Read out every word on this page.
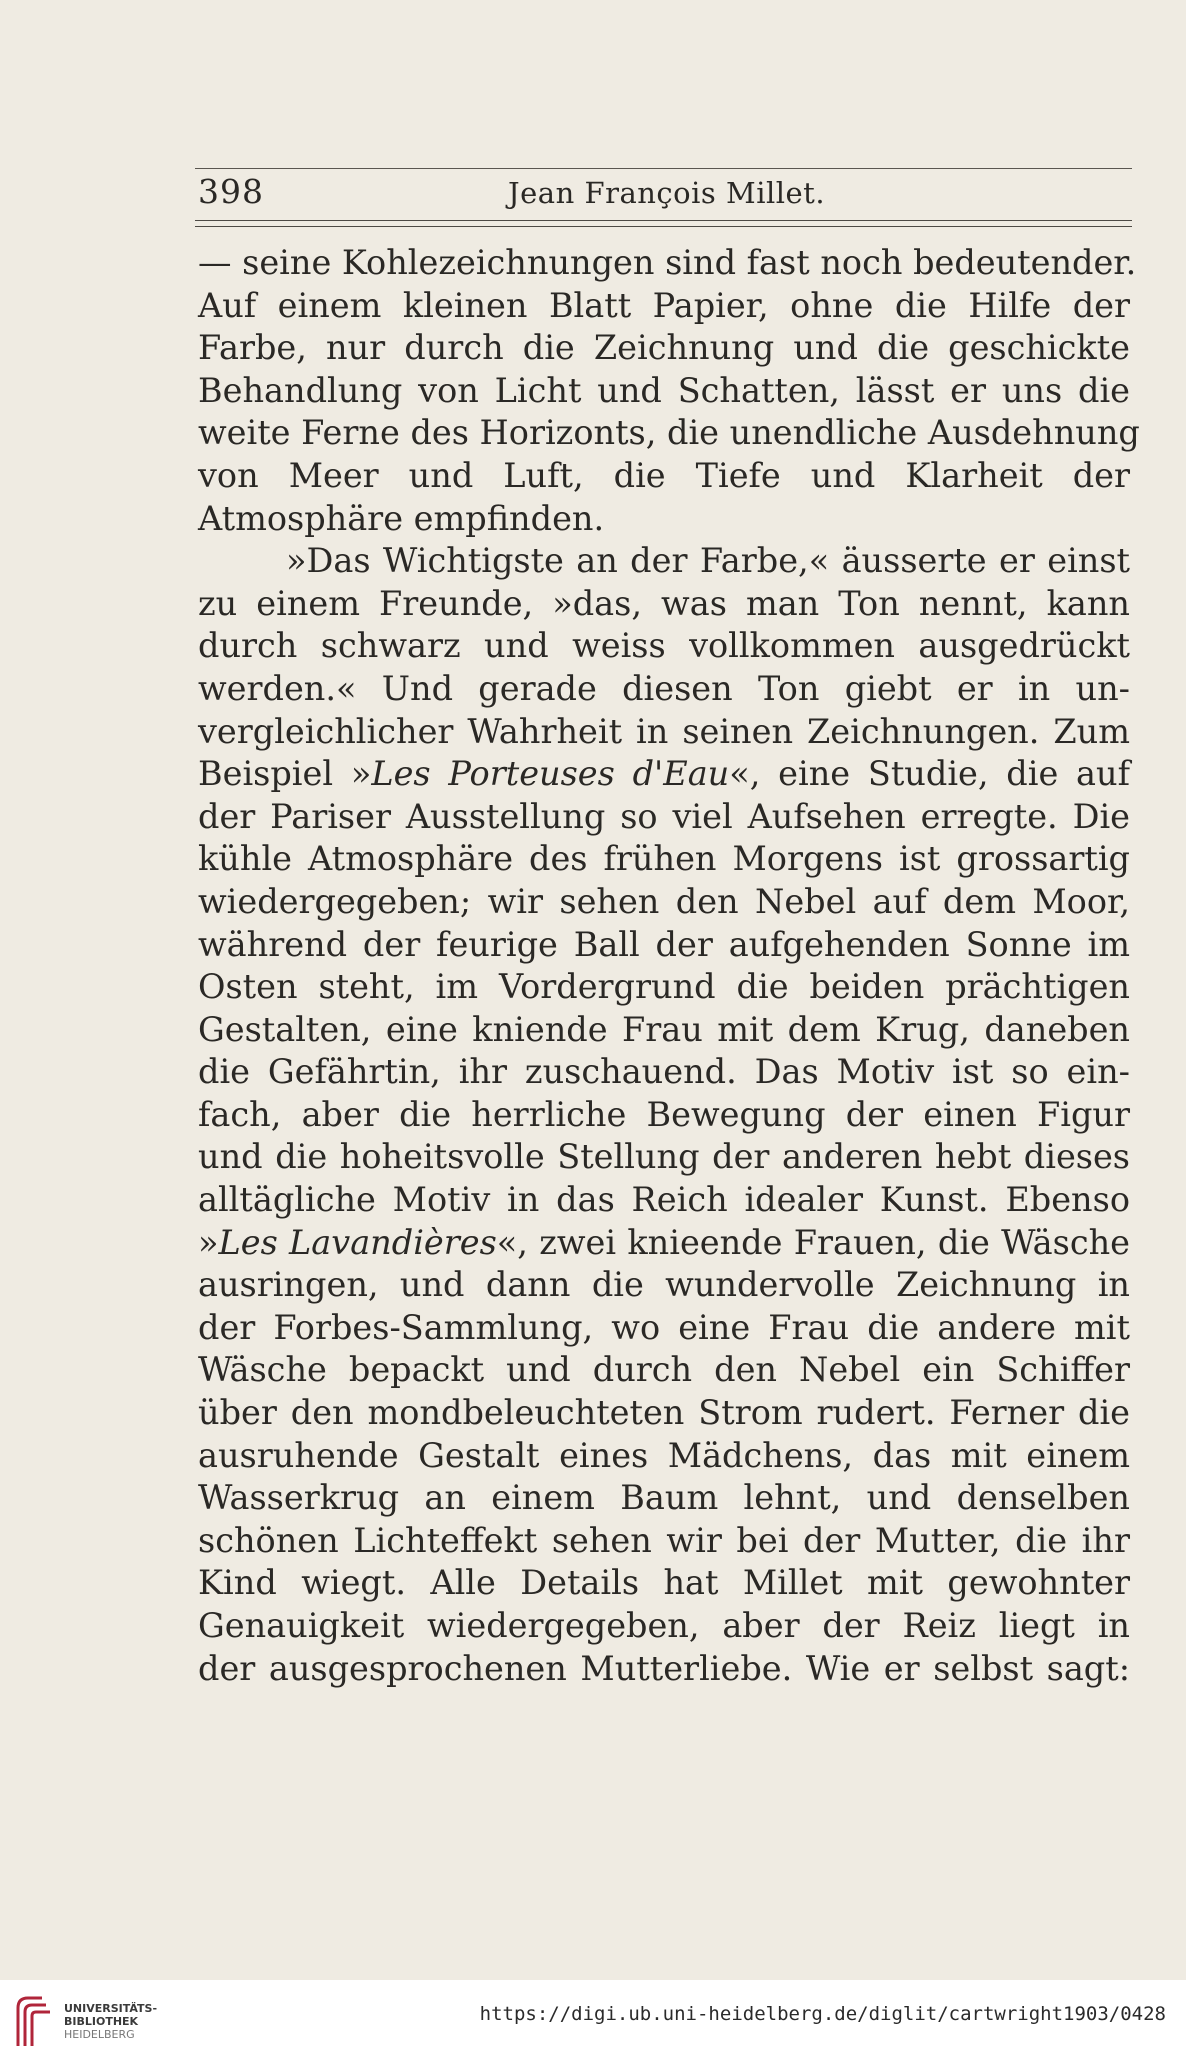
398	Jean François Millet.
— seine Kohlezeichnungen sind fast noch bedeutender.
Auf einem kleinen Blatt Papier, ohne die Hilfe der
Farbe, nur durch die Zeichnung und die geschickte
Behandlung von Licht und Schatten, lässt er uns die
weite Ferne des Horizonts, die unendliche Ausdehnung
von Meer und Luft, die Tiefe und Klarheit der
Atmosphäre empfinden.
»Das Wichtigste an der Farbe,« äusserte er einst
zu einem Freunde, »das, was man Ton nennt, kann
durch schwarz und weiss vollkommen ausgedrückt
werden.« Und gerade diesen Ton giebt er in un-
vergleichlicher Wahrheit in seinen Zeichnungen. Zum
Beispiel »Les Porteuses d'Eau«, eine Studie, die auf
der Pariser Ausstellung so viel Aufsehen erregte. Die
kühle Atmosphäre des frühen Morgens ist grossartig
wiedergegeben; wir sehen den Nebel auf dem Moor,
während der feurige Ball der aufgehenden Sonne im
Osten steht, im Vordergrund die beiden prächtigen
Gestalten, eine kniende Frau mit dem Krug, daneben
die Gefährtin, ihr zuschauend. Das Motiv ist so ein-
fach, aber die herrliche Bewegung der einen Figur
und die hoheitsvolle Stellung der anderen hebt dieses
alltägliche Motiv in das Reich idealer Kunst. Ebenso
»Les Lavandières«, zwei knieende Frauen, die Wäsche
ausringen, und dann die wundervolle Zeichnung in
der Forbes-Sammlung, wo eine Frau die andere mit
Wäsche bepackt und durch den Nebel ein Schiffer
über den mondbeleuchteten Strom rudert. Ferner die
ausruhende Gestalt eines Mädchens, das mit einem
Wasserkrug an einem Baum lehnt, und denselben
schönen Lichteffekt sehen wir bei der Mutter, die ihr
Kind wiegt. Alle Details hat Millet mit gewohnter
Genauigkeit wiedergegeben, aber der Reiz liegt in
der ausgesprochenen Mutterliebe. Wie er selbst sagt:
UNIVERSITÄTS-
BIBLIOTHEK
HEIDELBERG
https://digi.ub.uni-heidelberg.de/diglit/cartwright1903/0428
